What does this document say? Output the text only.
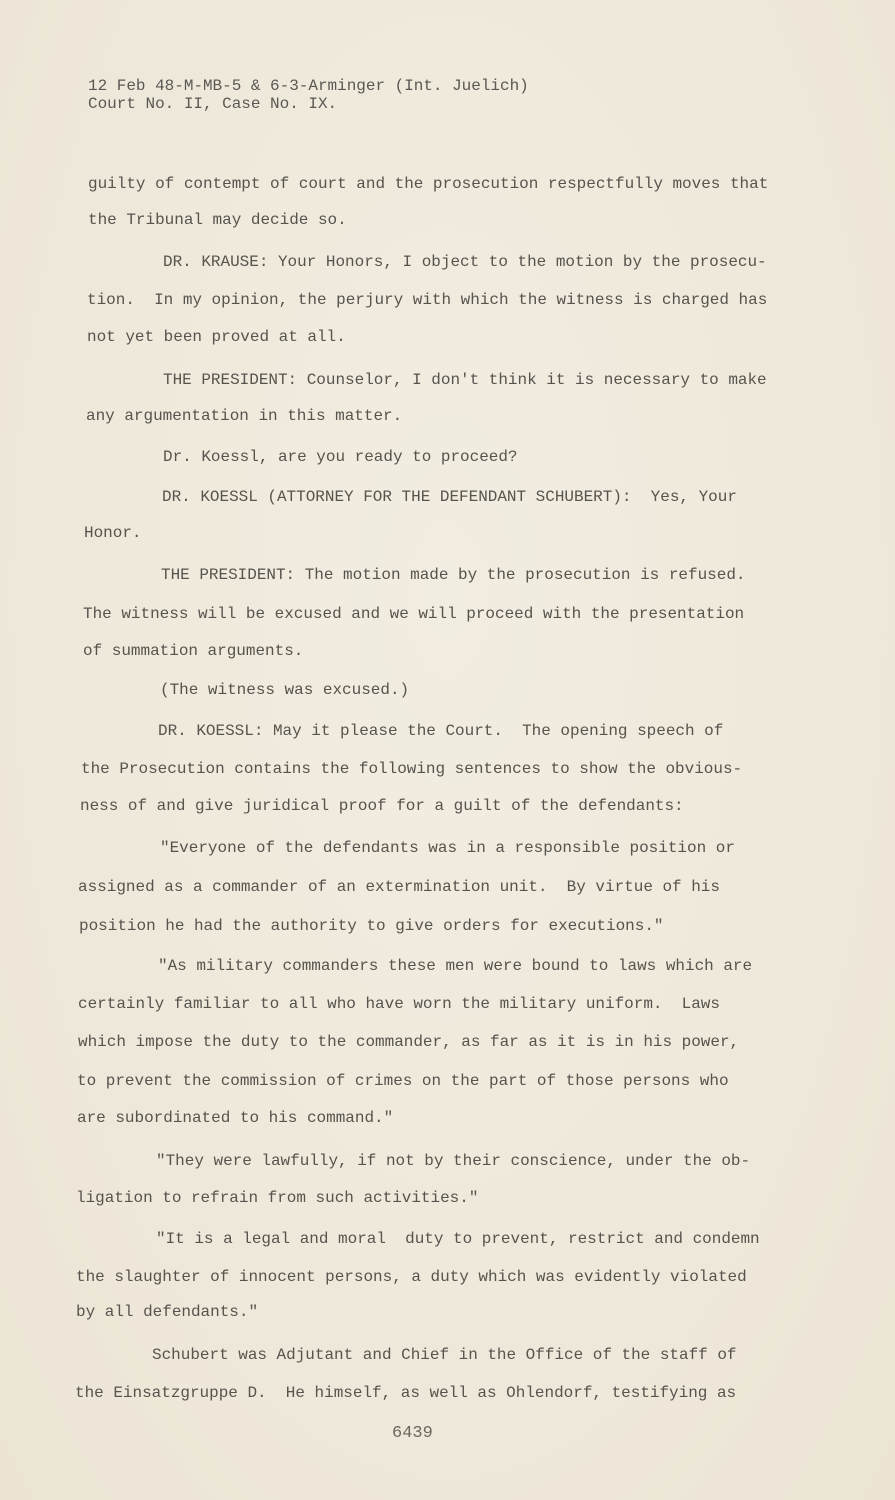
12 Feb 48-M-MB-5 & 6-3-Arminger (Int. Juelich)
Court No. II, Case No. IX.
guilty of contempt of court and the prosecution respectfully moves that
the Tribunal may decide so.
DR. KRAUSE: Your Honors, I object to the motion by the prosecu-
tion.  In my opinion, the perjury with which the witness is charged has
not yet been proved at all.
THE PRESIDENT: Counselor, I don't think it is necessary to make
any argumentation in this matter.
Dr. Koessl, are you ready to proceed?
DR. KOESSL (ATTORNEY FOR THE DEFENDANT SCHUBERT):  Yes, Your
Honor.
THE PRESIDENT: The motion made by the prosecution is refused.
The witness will be excused and we will proceed with the presentation
of summation arguments.
(The witness was excused.)
DR. KOESSL: May it please the Court.  The opening speech of
the Prosecution contains the following sentences to show the obvious-
ness of and give juridical proof for a guilt of the defendants:
"Everyone of the defendants was in a responsible position or
assigned as a commander of an extermination unit.  By virtue of his
position he had the authority to give orders for executions."
"As military commanders these men were bound to laws which are
certainly familiar to all who have worn the military uniform.  Laws
which impose the duty to the commander, as far as it is in his power,
to prevent the commission of crimes on the part of those persons who
are subordinated to his command."
"They were lawfully, if not by their conscience, under the ob-
ligation to refrain from such activities."
"It is a legal and moral  duty to prevent, restrict and condemn
the slaughter of innocent persons, a duty which was evidently violated
by all defendants."
Schubert was Adjutant and Chief in the Office of the staff of
the Einsatzgruppe D.  He himself, as well as Ohlendorf, testifying as
6439
